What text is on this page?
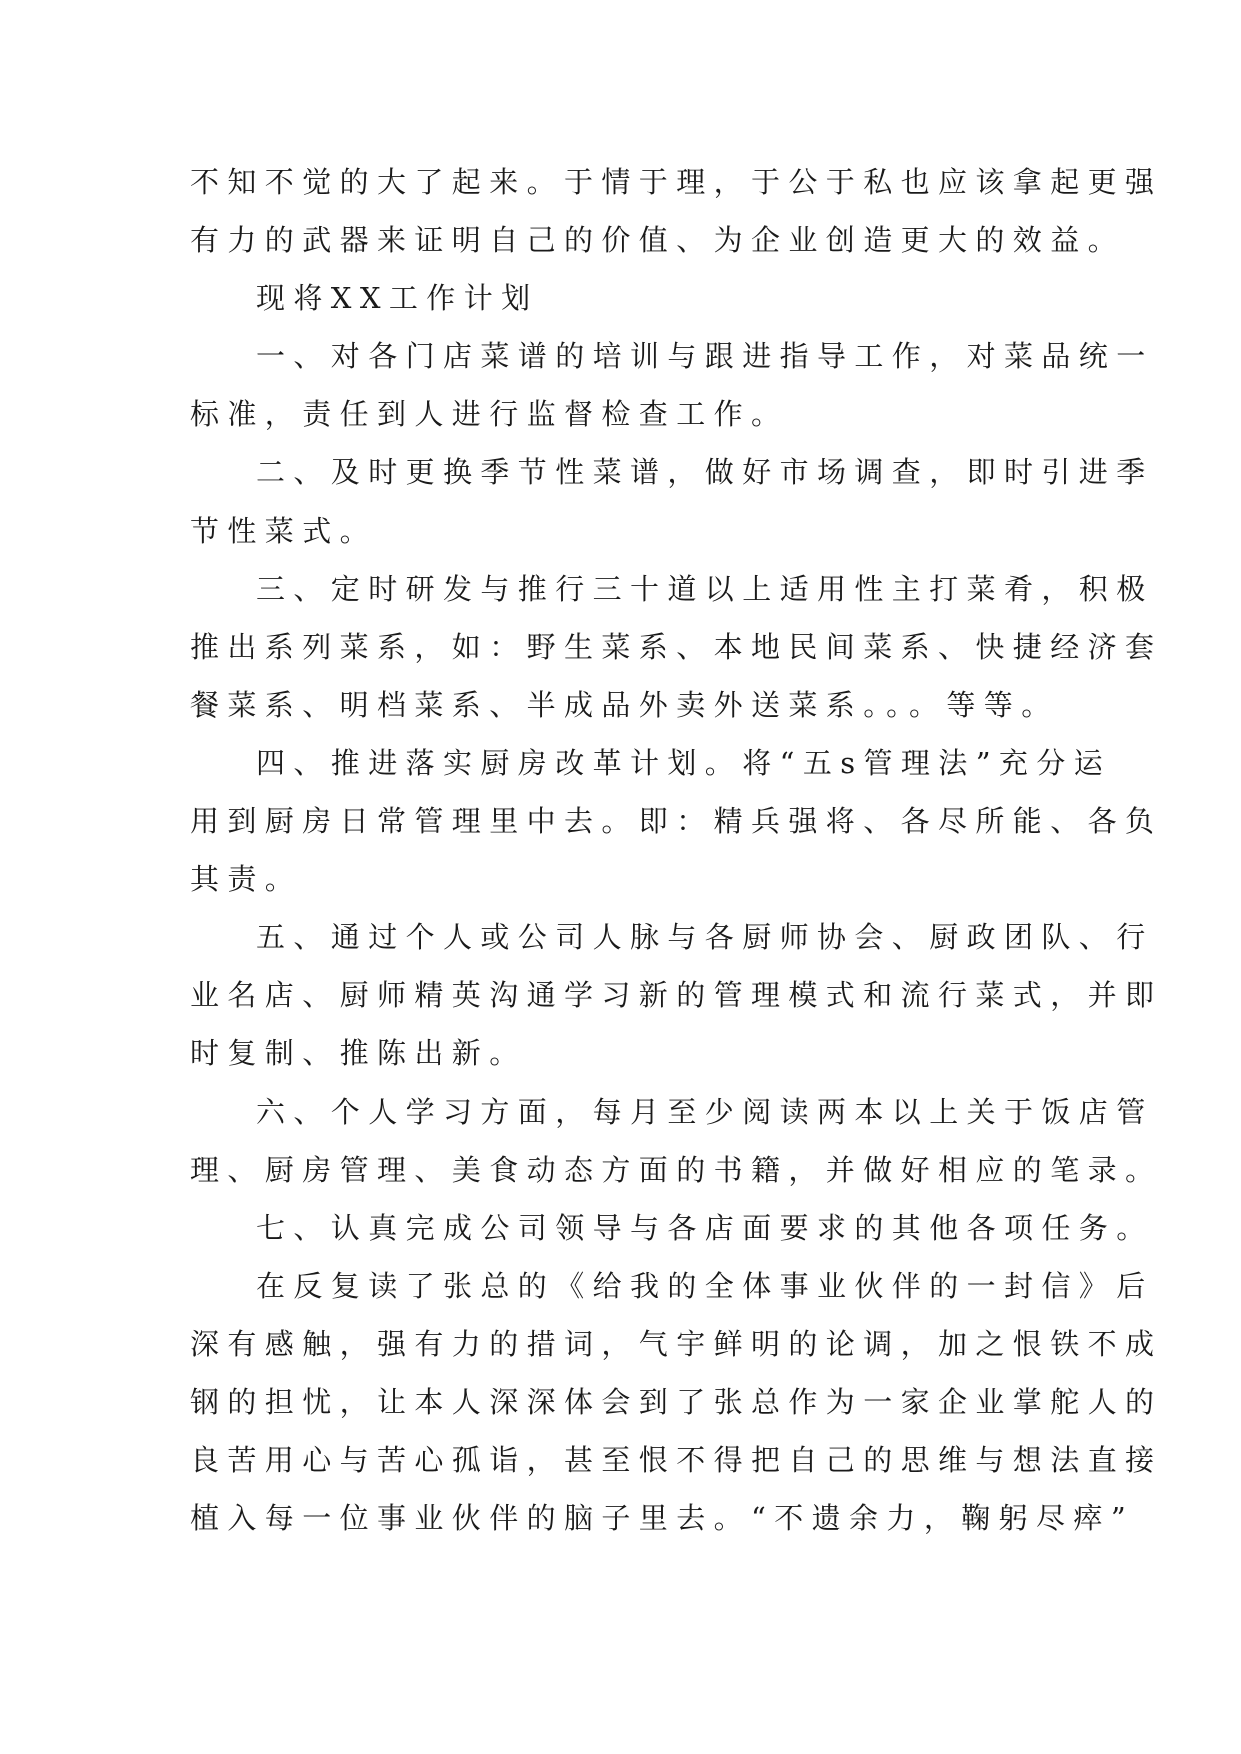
不知不觉的大了起来。于情于理，于公于私也应该拿起更强
有力的武器来证明自己的价值、为企业创造更大的效益。
现将XX工作计划
一、对各门店菜谱的培训与跟进指导工作，对菜品统一
标准，责任到人进行监督检查工作。
二、及时更换季节性菜谱，做好市场调查，即时引进季
节性菜式。
三、定时研发与推行三十道以上适用性主打菜肴，积极
推出系列菜系，如：野生菜系、本地民间菜系、快捷经济套
餐菜系、明档菜系、半成品外卖外送菜系。。。等等。
四、推进落实厨房改革计划。将“五s管理法”充分运
用到厨房日常管理里中去。即：精兵强将、各尽所能、各负
其责。
五、通过个人或公司人脉与各厨师协会、厨政团队、行
业名店、厨师精英沟通学习新的管理模式和流行菜式，并即
时复制、推陈出新。
六、个人学习方面，每月至少阅读两本以上关于饭店管
理、厨房管理、美食动态方面的书籍，并做好相应的笔录。
七、认真完成公司领导与各店面要求的其他各项任务。
在反复读了张总的《给我的全体事业伙伴的一封信》后
深有感触，强有力的措词，气宇鲜明的论调，加之恨铁不成
钢的担忧，让本人深深体会到了张总作为一家企业掌舵人的
良苦用心与苦心孤诣，甚至恨不得把自己的思维与想法直接
植入每一位事业伙伴的脑子里去。“不遗余力，鞠躬尽瘁”
